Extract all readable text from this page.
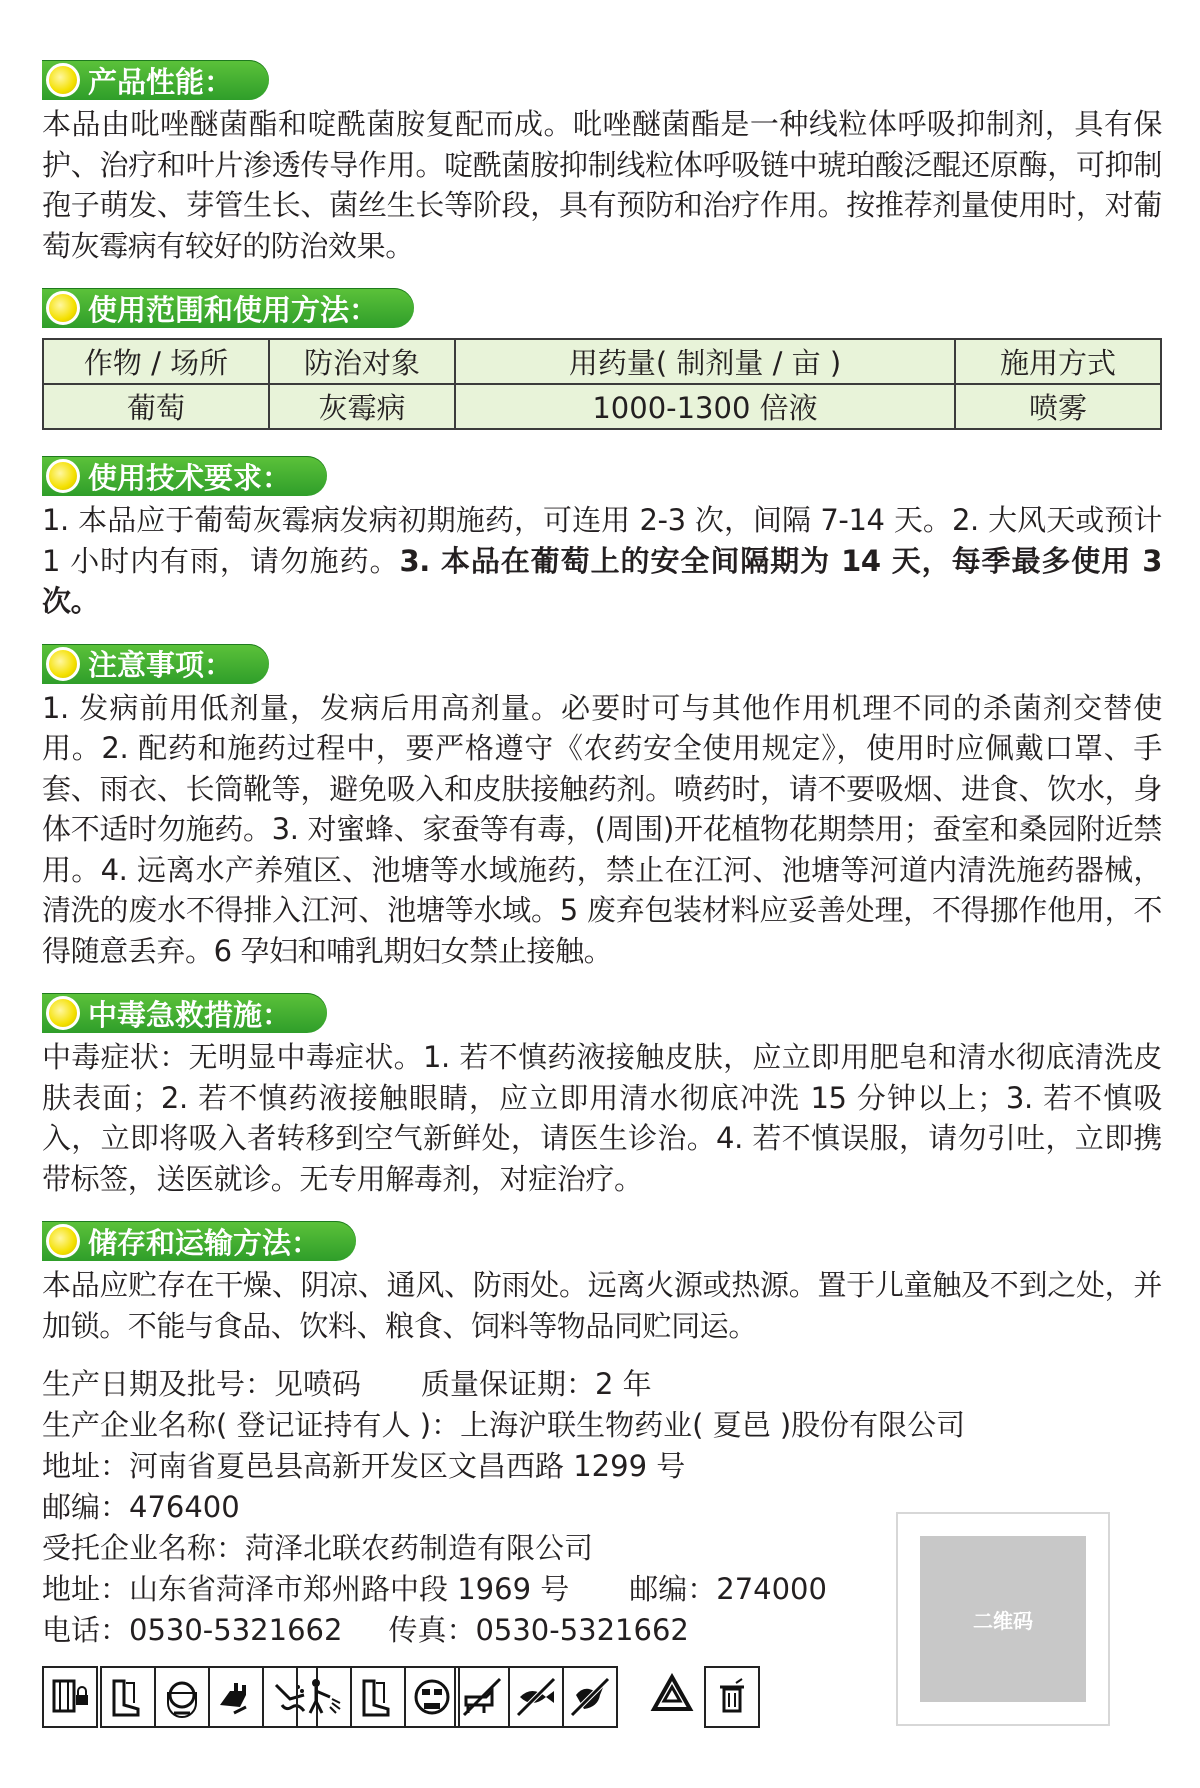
产品性能：

本品由吡唑醚菌酯和啶酰菌胺复配而成。吡唑醚菌酯是一种线粒体呼吸抑制剂，具有保护、治疗和叶片渗透传导作用。啶酰菌胺抑制线粒体呼吸链中琥珀酸泛醌还原酶，可抑制孢子萌发、芽管生长、菌丝生长等阶段，具有预防和治疗作用。按推荐剂量使用时，对葡萄灰霉病有较好的防治效果。

使用范围和使用方法：
作物 / 场所	防治对象	用药量( 制剂量 / 亩 )	施用方式
葡萄	灰霉病	1000-1300 倍液	喷雾
使用技术要求：

1. 本品应于葡萄灰霉病发病初期施药，可连用 2-3 次，间隔 7-14 天。2. 大风天或预计 1 小时内有雨，请勿施药。3. 本品在葡萄上的安全间隔期为 14 天，每季最多使用 3 次。

注意事项：

1. 发病前用低剂量，发病后用高剂量。必要时可与其他作用机理不同的杀菌剂交替使用。2. 配药和施药过程中，要严格遵守《农药安全使用规定》，使用时应佩戴口罩、手套、雨衣、长筒靴等，避免吸入和皮肤接触药剂。喷药时，请不要吸烟、进食、饮水，身体不适时勿施药。3. 对蜜蜂、家蚕等有毒，(周围)开花植物花期禁用；蚕室和桑园附近禁用。4. 远离水产养殖区、池塘等水域施药，禁止在江河、池塘等河道内清洗施药器械，清洗的废水不得排入江河、池塘等水域。5 废弃包装材料应妥善处理，不得挪作他用，不得随意丢弃。6 孕妇和哺乳期妇女禁止接触。

中毒急救措施：

中毒症状：无明显中毒症状。1. 若不慎药液接触皮肤，应立即用肥皂和清水彻底清洗皮肤表面；2. 若不慎药液接触眼睛，应立即用清水彻底冲洗 15 分钟以上；3. 若不慎吸入，立即将吸入者转移到空气新鲜处，请医生诊治。4. 若不慎误服，请勿引吐，立即携带标签，送医就诊。无专用解毒剂，对症治疗。

储存和运输方法：

本品应贮存在干燥、阴凉、通风、防雨处。远离火源或热源。置于儿童触及不到之处，并加锁。不能与食品、饮料、粮食、饲料等物品同贮同运。

生产日期及批号：见喷码 质量保证期：2 年
生产企业名称( 登记证持有人 )：上海沪联生物药业( 夏邑 )股份有限公司
地址：河南省夏邑县高新开发区文昌西路 1299 号
邮编：476400
受托企业名称：菏泽北联农药制造有限公司
地址：山东省菏泽市郑州路中段 1969 号 邮编：274000
电话：0530-5321662 传真：0530-5321662	二维码
